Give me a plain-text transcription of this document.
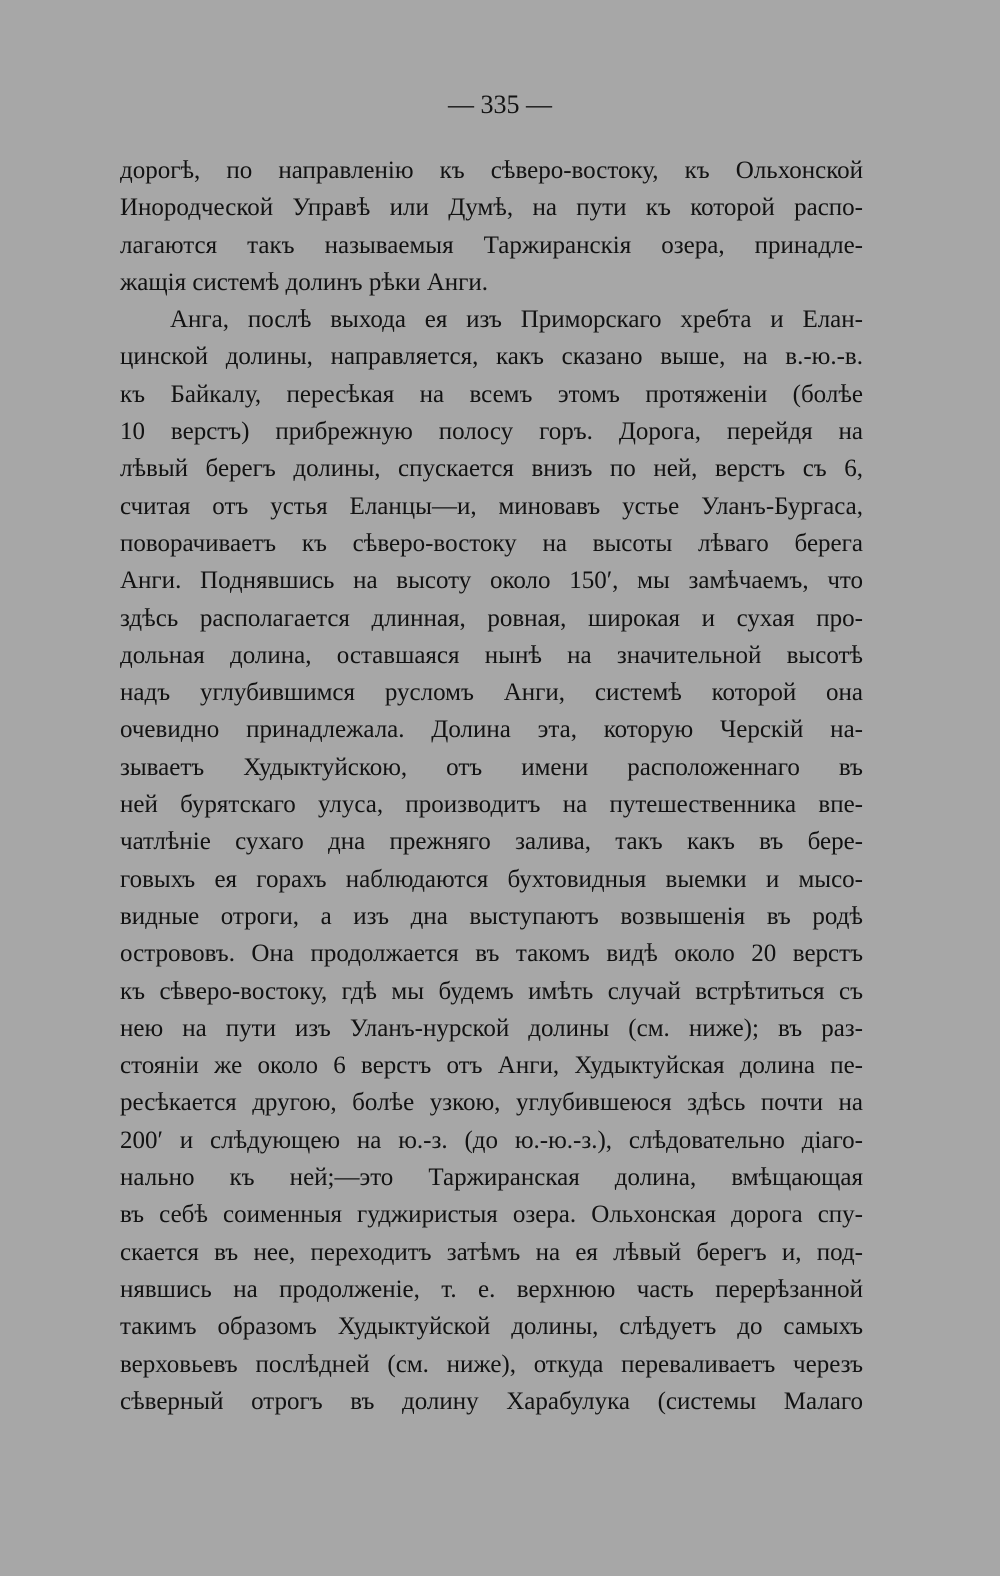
— 335 —
дорогѣ, по направленію къ сѣверо-востоку, къ Ольхонской
Инородческой Управѣ или Думѣ, на пути къ которой распо-
лагаются такъ называемыя Таржиранскія озера, принадле-
жащія системѣ долинъ рѣки Анги.
Анга, послѣ выхода ея изъ Приморскаго хребта и Елан-
цинской долины, направляется, какъ сказано выше, на в.-ю.-в.
къ Байкалу, пересѣкая на всемъ этомъ протяженіи (болѣе
10 верстъ) прибрежную полосу горъ. Дорога, перейдя на
лѣвый берегъ долины, спускается внизъ по ней, верстъ съ 6,
считая отъ устья Еланцы—и, миновавъ устье Уланъ-Бургаса,
поворачиваетъ къ сѣверо-востоку на высоты лѣваго берега
Анги. Поднявшись на высоту около 150′, мы замѣчаемъ, что
здѣсь располагается длинная, ровная, широкая и сухая про-
дольная долина, оставшаяся нынѣ на значительной высотѣ
надъ углубившимся русломъ Анги, системѣ которой она
очевидно принадлежала. Долина эта, которую Черскій на-
зываетъ Худыктуйскою, отъ имени расположеннаго въ
ней бурятскаго улуса, производитъ на путешественника впе-
чатлѣніе сухаго дна прежняго залива, такъ какъ въ бере-
говыхъ ея горахъ наблюдаются бухтовидныя выемки и мысо-
видные отроги, а изъ дна выступаютъ возвышенія въ родѣ
острововъ. Она продолжается въ такомъ видѣ около 20 верстъ
къ сѣверо-востоку, гдѣ мы будемъ имѣть случай встрѣтиться съ
нею на пути изъ Уланъ-нурской долины (см. ниже); въ раз-
стояніи же около 6 верстъ отъ Анги, Худыктуйская долина пе-
ресѣкается другою, болѣе узкою, углубившеюся здѣсь почти на
200′ и слѣдующею на ю.-з. (до ю.-ю.-з.), слѣдовательно діаго-
нально къ ней;—это Таржиранская долина, вмѣщающая
въ себѣ соименныя гуджиристыя озера. Ольхонская дорога спу-
скается въ нее, переходитъ затѣмъ на ея лѣвый берегъ и, под-
нявшись на продолженіе, т. е. верхнюю часть перерѣзанной
такимъ образомъ Худыктуйской долины, слѣдуетъ до самыхъ
верховьевъ послѣдней (см. ниже), откуда переваливаетъ черезъ
сѣверный отрогъ въ долину Харабулука (системы Малаго
